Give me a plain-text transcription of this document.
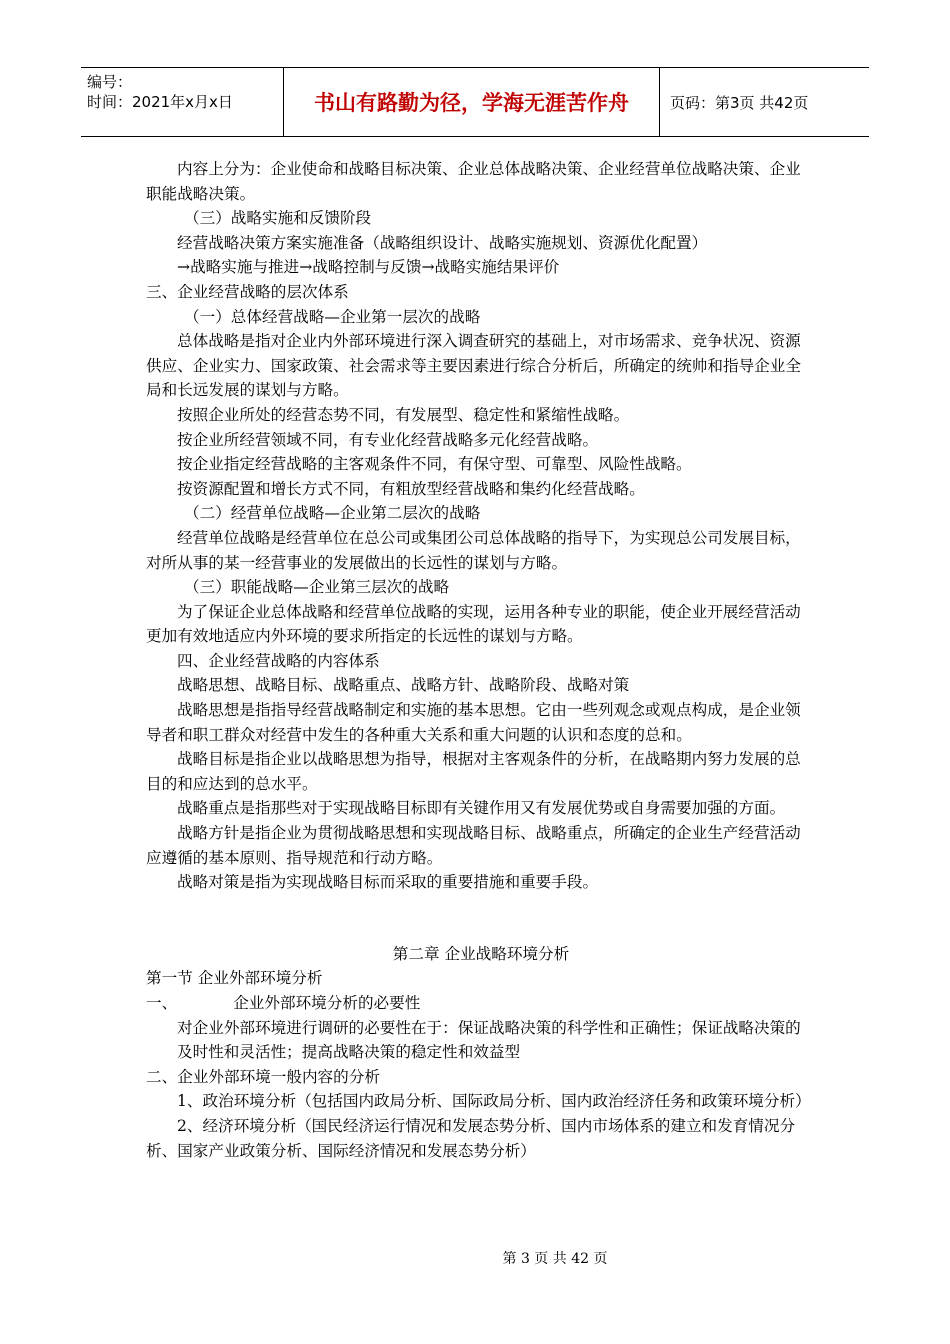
编号：
时间：2021年x月x日	书山有路勤为径，学海无涯苦作舟	页码：第3页 共42页

内容上分为：企业使命和战略目标决策、企业总体战略决策、企业经营单位战略决策、企业职能战略决策。

（三）战略实施和反馈阶段

经营战略决策方案实施准备（战略组织设计、战略实施规划、资源优化配置）

→战略实施与推进→战略控制与反馈→战略实施结果评价

三、企业经营战略的层次体系

（一）总体经营战略—企业第一层次的战略

总体战略是指对企业内外部环境进行深入调查研究的基础上，对市场需求、竞争状况、资源供应、企业实力、国家政策、社会需求等主要因素进行综合分析后，所确定的统帅和指导企业全局和长远发展的谋划与方略。

按照企业所处的经营态势不同，有发展型、稳定性和紧缩性战略。

按企业所经营领域不同，有专业化经营战略多元化经营战略。

按企业指定经营战略的主客观条件不同，有保守型、可靠型、风险性战略。

按资源配置和增长方式不同，有粗放型经营战略和集约化经营战略。

（二）经营单位战略—企业第二层次的战略

经营单位战略是经营单位在总公司或集团公司总体战略的指导下，为实现总公司发展目标，对所从事的某一经营事业的发展做出的长远性的谋划与方略。

（三）职能战略—企业第三层次的战略

为了保证企业总体战略和经营单位战略的实现，运用各种专业的职能，使企业开展经营活动更加有效地适应内外环境的要求所指定的长远性的谋划与方略。

四、企业经营战略的内容体系

战略思想、战略目标、战略重点、战略方针、战略阶段、战略对策

战略思想是指指导经营战略制定和实施的基本思想。它由一些列观念或观点构成，是企业领导者和职工群众对经营中发生的各种重大关系和重大问题的认识和态度的总和。

战略目标是指企业以战略思想为指导，根据对主客观条件的分析，在战略期内努力发展的总目的和应达到的总水平。

战略重点是指那些对于实现战略目标即有关键作用又有发展优势或自身需要加强的方面。

战略方针是指企业为贯彻战略思想和实现战略目标、战略重点，所确定的企业生产经营活动应遵循的基本原则、指导规范和行动方略。

战略对策是指为实现战略目标而采取的重要措施和重要手段。

第二章 企业战略环境分析

第一节 企业外部环境分析

一、	企业外部环境分析的必要性

对企业外部环境进行调研的必要性在于：保证战略决策的科学性和正确性；保证战略决策的及时性和灵活性；提高战略决策的稳定性和效益型

二、企业外部环境一般内容的分析

1、政治环境分析（包括国内政局分析、国际政局分析、国内政治经济任务和政策环境分析）

2、经济环境分析（国民经济运行情况和发展态势分析、国内市场体系的建立和发育情况分析、国家产业政策分析、国际经济情况和发展态势分析）

第 3 页 共 42 页
